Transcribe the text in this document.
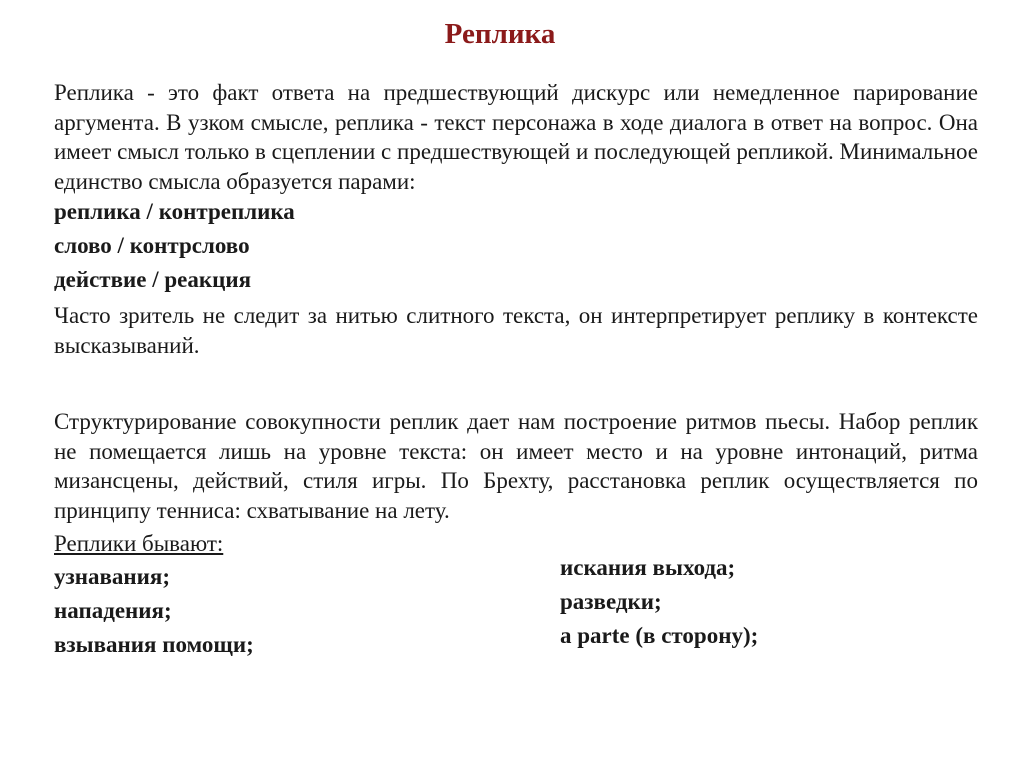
Реплика
Реплика - это факт ответа на предшествующий дискурс или немедленное парирование аргумента. В узком смысле, реплика - текст персонажа в ходе диалога в ответ на вопрос. Она имеет смысл только в сцеплении с предшествующей и последующей репликой. Минимальное единство смысла образуется парами:
реплика / контреплика
слово / контрслово
действие / реакция
Часто зритель не следит за нитью слитного текста, он интерпретирует реплику в контексте высказываний.
Структурирование совокупности реплик дает нам построение ритмов пьесы. Набор реплик не помещается лишь на уровне текста: он имеет место и на уровне интонаций, ритма мизансцены, действий, стиля игры. По Брехту, расстановка реплик осуществляется по принципу тенниса: схватывание на лету.
Реплики бывают:
узнавания;
нападения;
взывания помощи;
искания выхода;
разведки;
a parte (в сторону);
